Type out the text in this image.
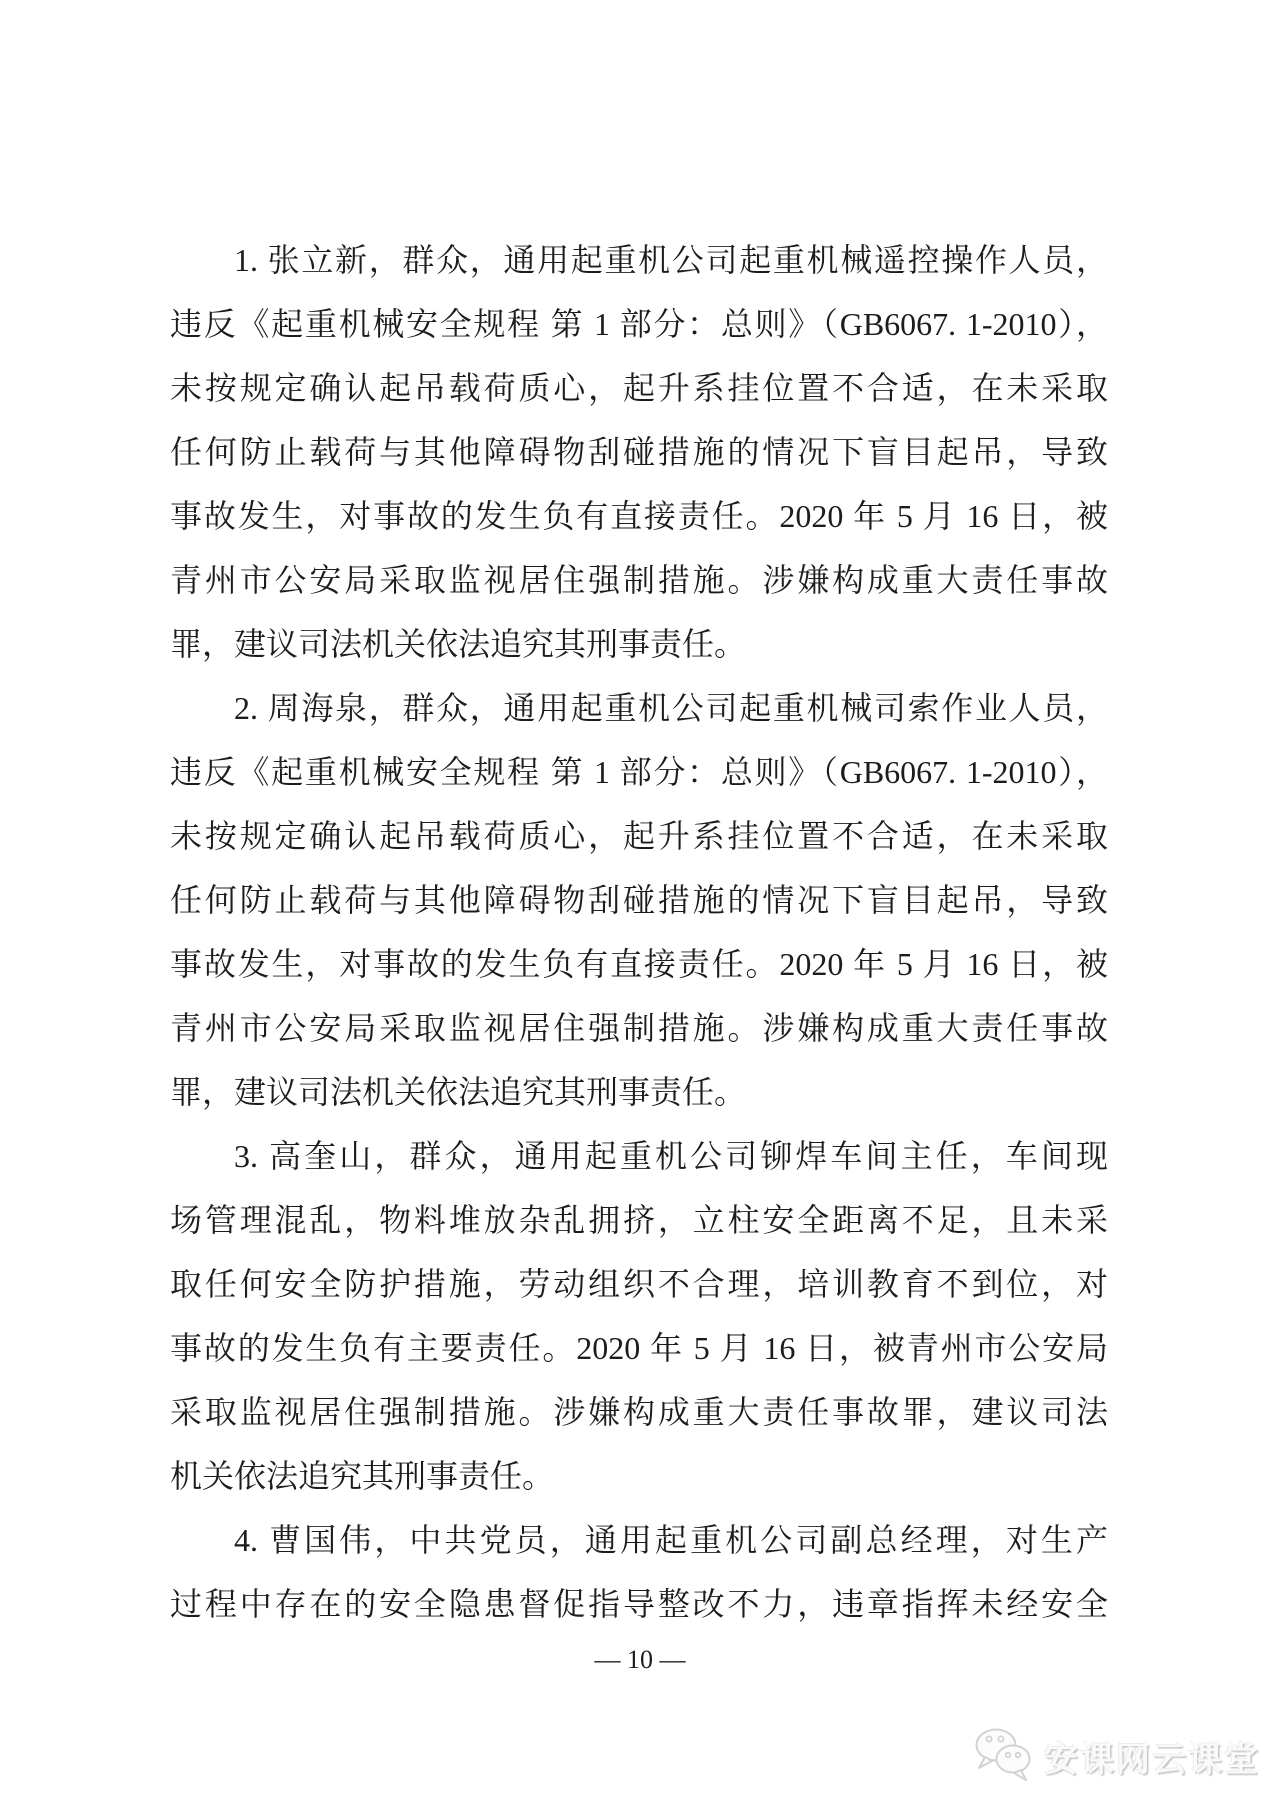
1. 张立新，群众，通用起重机公司起重机械遥控操作人员，
违反《起重机械安全规程 第 1 部分：总则》（GB6067. 1-2010），
未按规定确认起吊载荷质心，起升系挂位置不合适，在未采取
任何防止载荷与其他障碍物刮碰措施的情况下盲目起吊，导致
事故发生，对事故的发生负有直接责任。2020 年 5 月 16 日，被
青州市公安局采取监视居住强制措施。涉嫌构成重大责任事故
罪，建议司法机关依法追究其刑事责任。
2. 周海泉，群众，通用起重机公司起重机械司索作业人员，
违反《起重机械安全规程 第 1 部分：总则》（GB6067. 1-2010），
未按规定确认起吊载荷质心，起升系挂位置不合适，在未采取
任何防止载荷与其他障碍物刮碰措施的情况下盲目起吊，导致
事故发生，对事故的发生负有直接责任。2020 年 5 月 16 日，被
青州市公安局采取监视居住强制措施。涉嫌构成重大责任事故
罪，建议司法机关依法追究其刑事责任。
3. 高奎山，群众，通用起重机公司铆焊车间主任，车间现
场管理混乱，物料堆放杂乱拥挤，立柱安全距离不足，且未采
取任何安全防护措施，劳动组织不合理，培训教育不到位，对
事故的发生负有主要责任。2020 年 5 月 16 日，被青州市公安局
采取监视居住强制措施。涉嫌构成重大责任事故罪，建议司法
机关依法追究其刑事责任。
4. 曹国伟，中共党员，通用起重机公司副总经理，对生产
过程中存在的安全隐患督促指导整改不力，违章指挥未经安全
— 10 —
安课网云课堂
